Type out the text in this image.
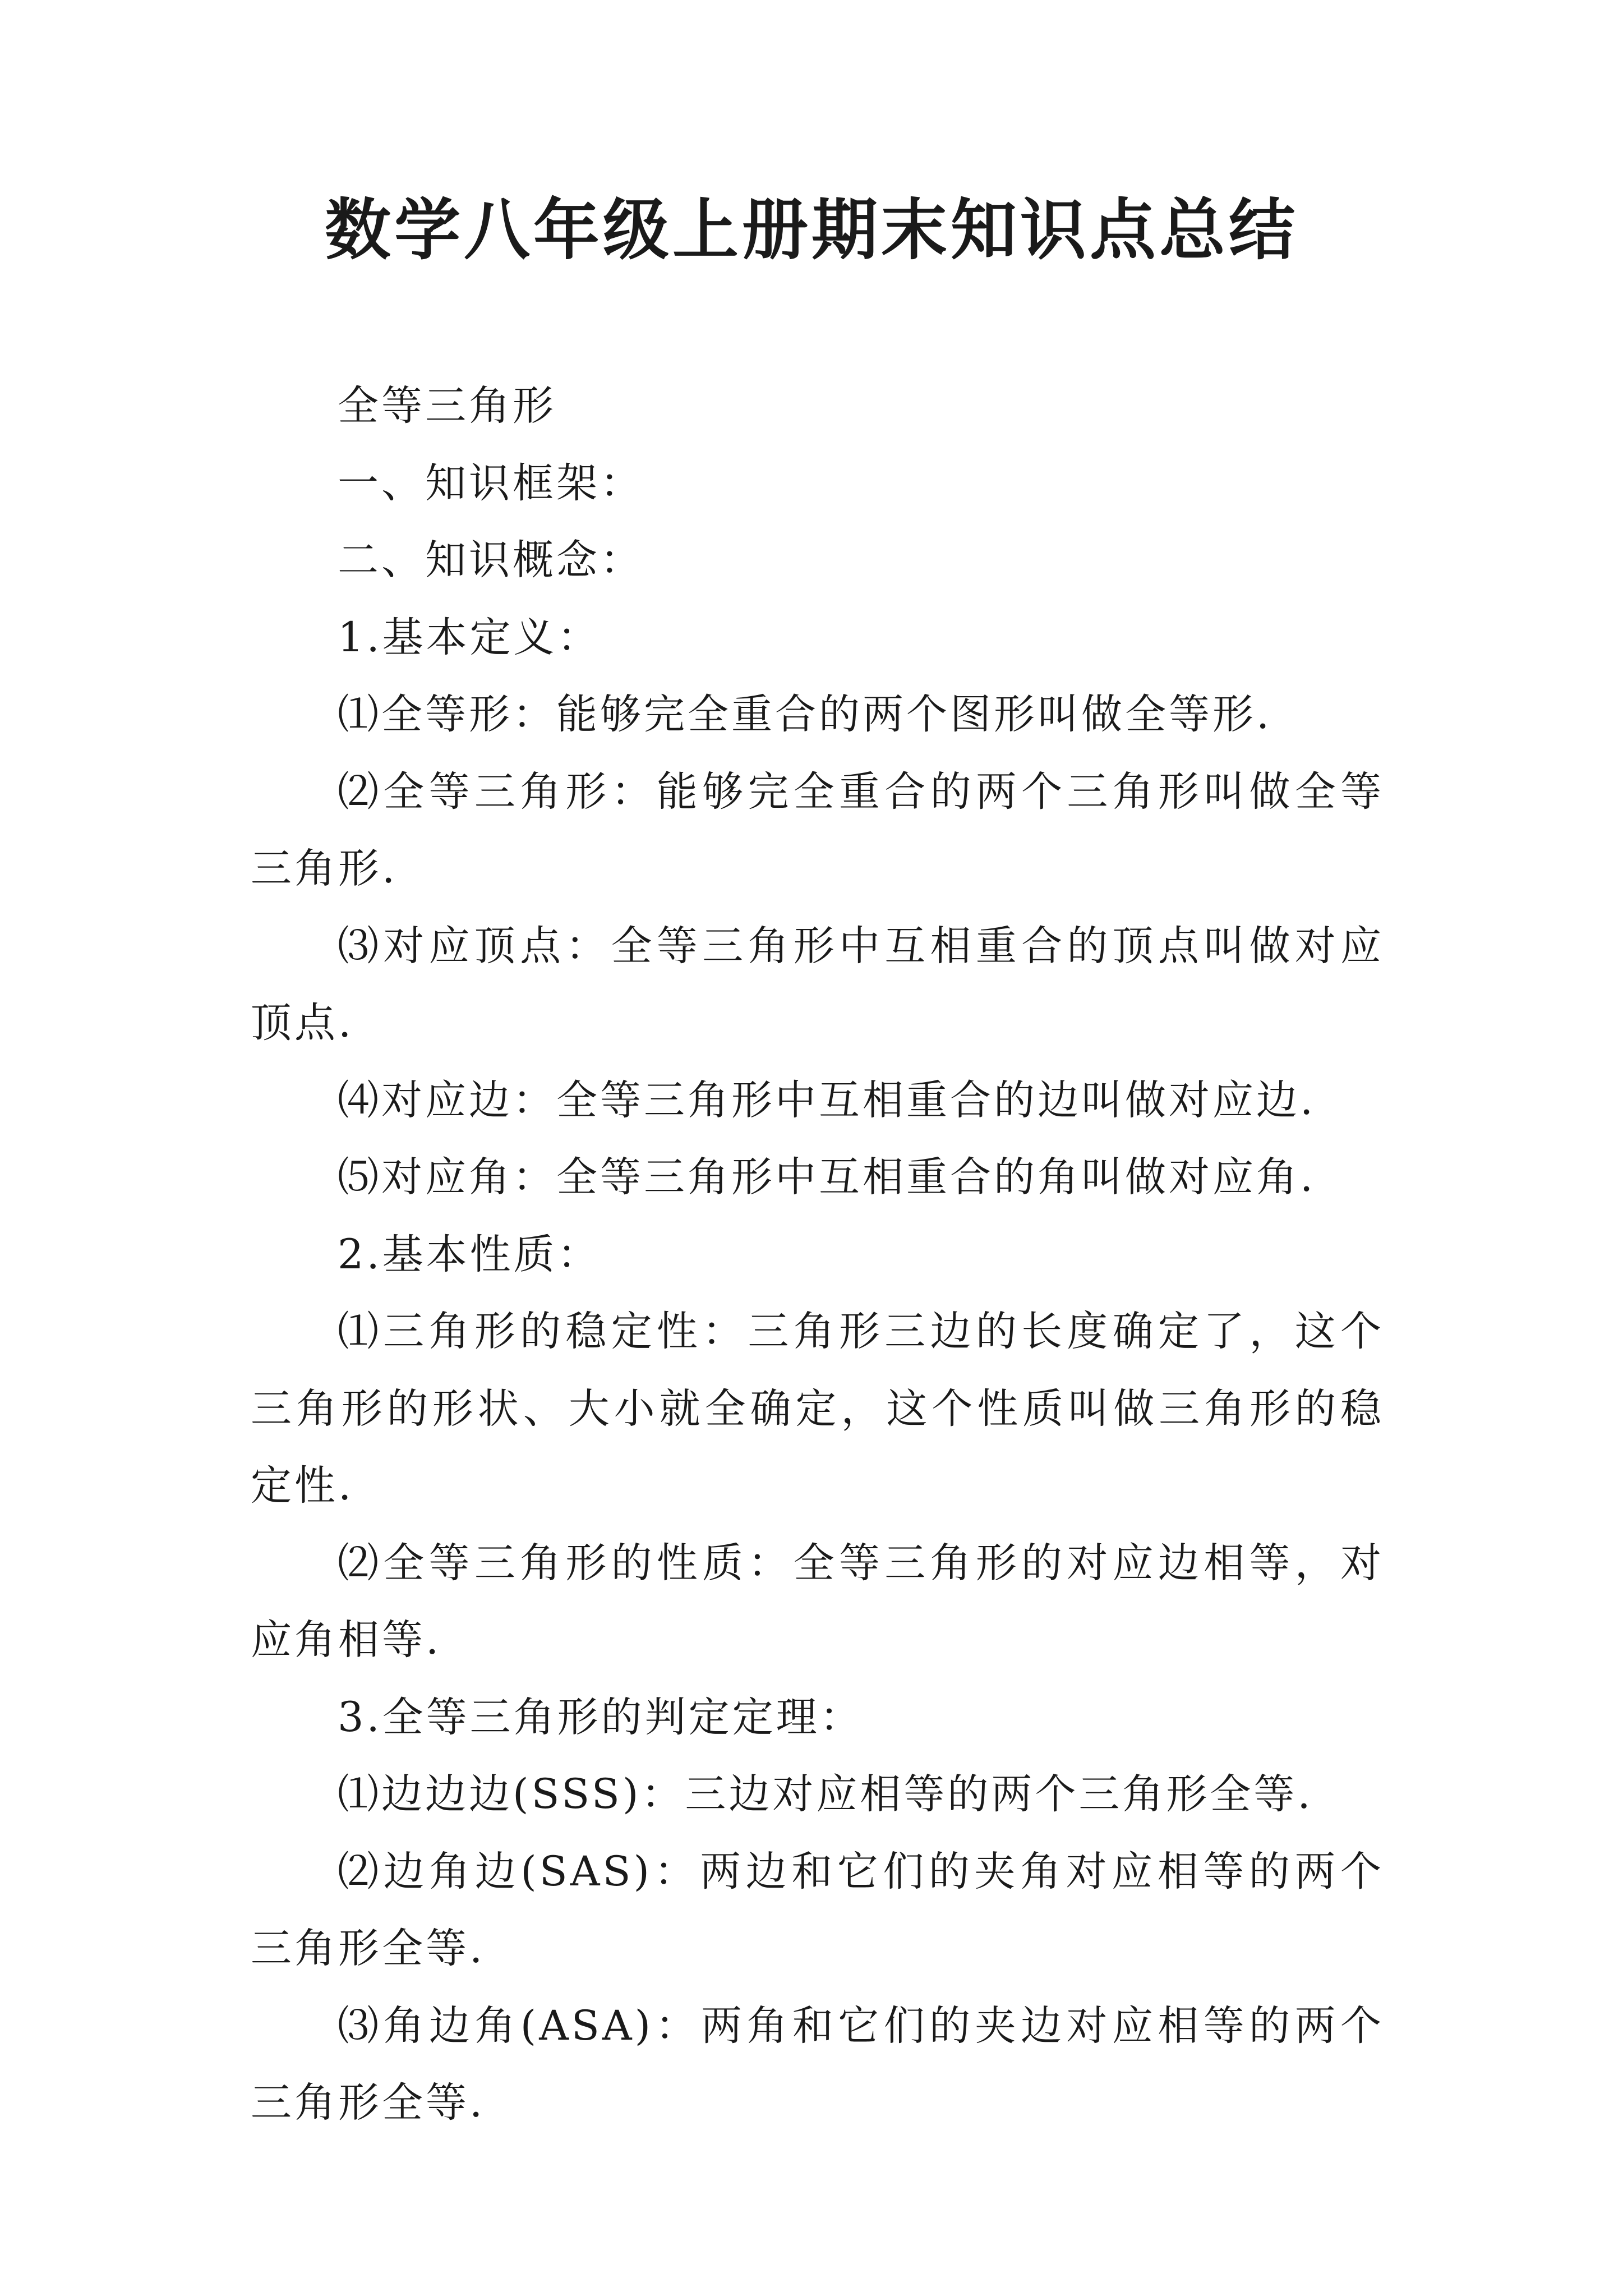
数学八年级上册期末知识点总结

全等三角形

一、知识框架：

二、知识概念：

1.基本定义：

⑴全等形：能够完全重合的两个图形叫做全等形.

⑵全等三角形：能够完全重合的两个三角形叫做全等三角形.

⑶对应顶点：全等三角形中互相重合的顶点叫做对应顶点.

⑷对应边：全等三角形中互相重合的边叫做对应边.

⑸对应角：全等三角形中互相重合的角叫做对应角.

2.基本性质：

⑴三角形的稳定性：三角形三边的长度确定了，这个三角形的形状、大小就全确定，这个性质叫做三角形的稳定性.

⑵全等三角形的性质：全等三角形的对应边相等，对应角相等.

3.全等三角形的判定定理：

⑴边边边(SSS)：三边对应相等的两个三角形全等.

⑵边角边(SAS)：两边和它们的夹角对应相等的两个三角形全等.

⑶角边角(ASA)：两角和它们的夹边对应相等的两个三角形全等.
